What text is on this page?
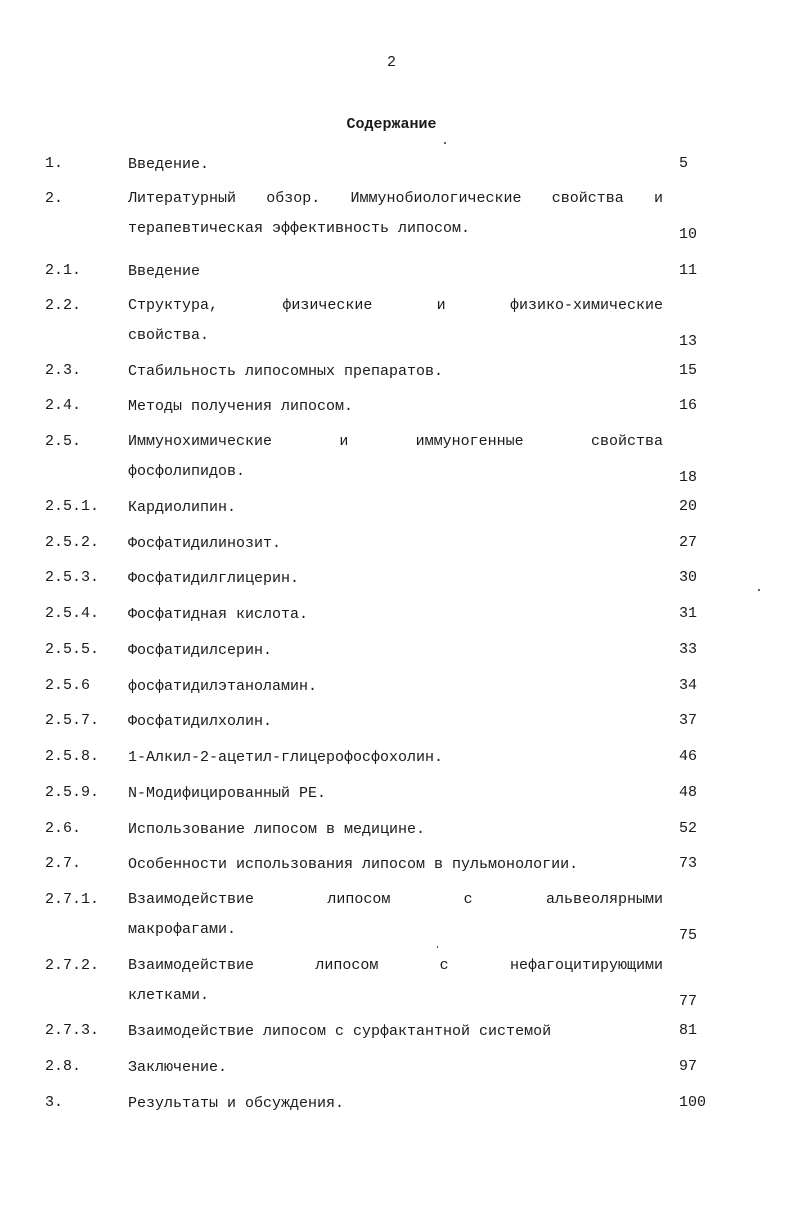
2
Содержание
1.	Введение.	5
2.	Литературный обзор. Иммунобиологические свойства и
терапевтическая эффективность липосом.	10
2.1.	Введение	11
2.2.	Структура, физические и физико-химические
свойства.	13
2.3.	Стабильность липосомных препаратов.	15
2.4.	Методы получения липосом.	16
2.5.	Иммунохимические и иммуногенные свойства
фосфолипидов.	18
2.5.1. Кардиолипин.	20
2.5.2. Фосфатидилинозит.	27
2.5.3. Фосфатидилглицерин.	30
2.5.4. Фосфатидная кислота.	31
2.5.5. Фосфатидилсерин.	33
2.5.6	фосфатидилэтаноламин.	34
2.5.7. Фосфатидилхолин.	37
2.5.8. 1-Алкил-2-ацетил-глицерофосфохолин.	46
2.5.9. N-Модифицированный PE.	48
2.6.	Использование липосом в медицине.	52
2.7.	Особенности использования липосом в пульмонологии.	73
2.7.1. Взаимодействие липосом с альвеолярными
макрофагами.	75
2.7.2. Взаимодействие липосом с нефагоцитирующими
клетками.	77
2.7.3. Взаимодействие липосом с сурфактантной системой	81
2.8.	Заключение.	97
3.	Результаты и обсуждения.	100
